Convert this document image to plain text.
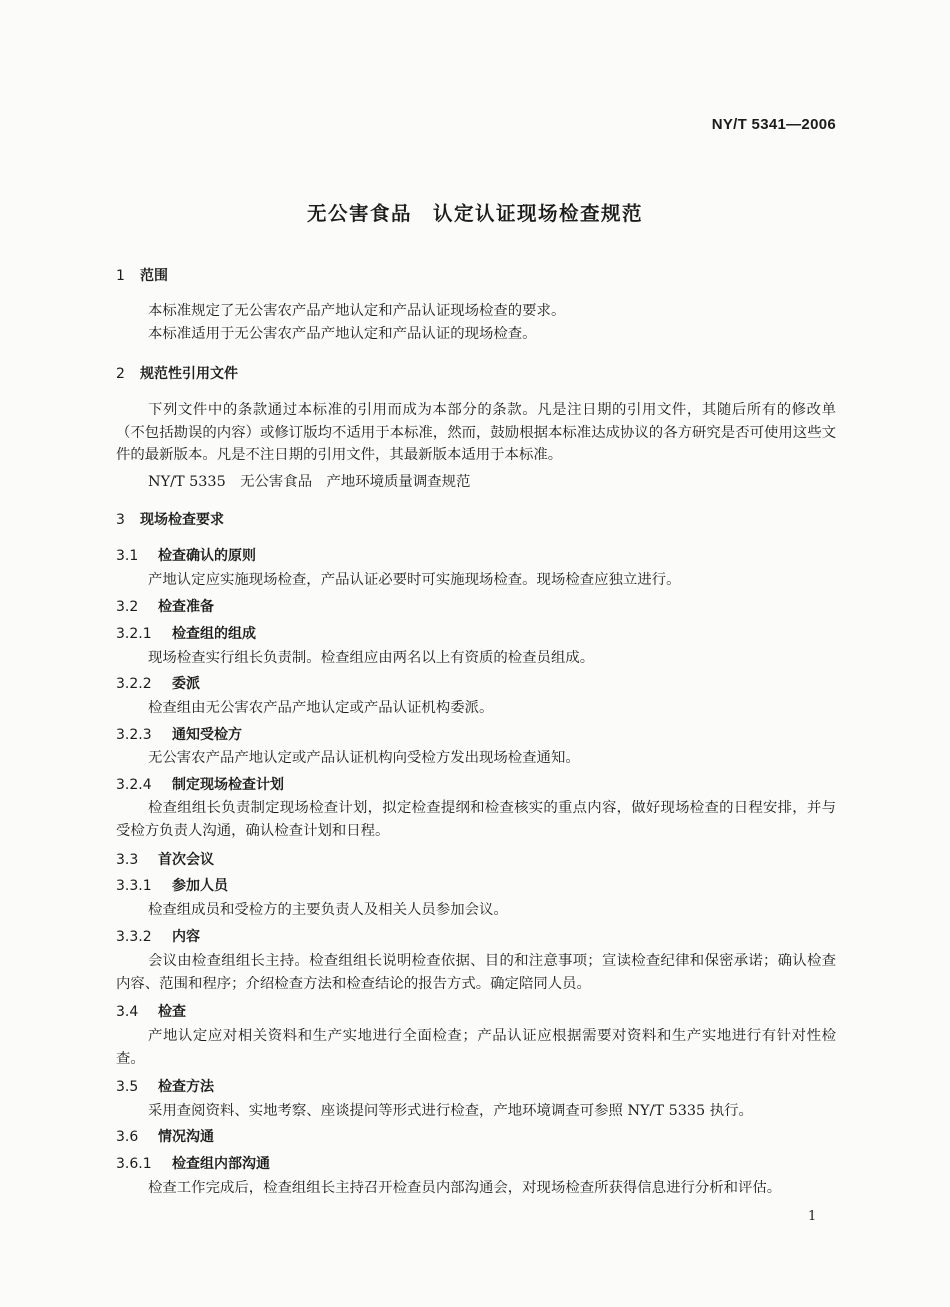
NY/T 5341—2006
无公害食品　认定认证现场检查规范
1 范围

本标准规定了无公害农产品产地认定和产品认证现场检查的要求。

本标准适用于无公害农产品产地认定和产品认证的现场检查。

2 规范性引用文件

下列文件中的条款通过本标准的引用而成为本部分的条款。凡是注日期的引用文件，其随后所有的修改单（不包括勘误的内容）或修订版均不适用于本标准，然而，鼓励根据本标准达成协议的各方研究是否可使用这些文件的最新版本。凡是不注日期的引用文件，其最新版本适用于本标准。

NY/T 5335　无公害食品　产地环境质量调查规范
3 现场检查要求
3.1 检查确认的原则

产地认定应实施现场检查，产品认证必要时可实施现场检查。现场检查应独立进行。

3.2 检查准备
3.2.1 检查组的组成

现场检查实行组长负责制。检查组应由两名以上有资质的检查员组成。

3.2.2 委派

检查组由无公害农产品产地认定或产品认证机构委派。

3.2.3 通知受检方

无公害农产品产地认定或产品认证机构向受检方发出现场检查通知。

3.2.4 制定现场检查计划

检查组组长负责制定现场检查计划，拟定检查提纲和检查核实的重点内容，做好现场检查的日程安排，并与受检方负责人沟通，确认检查计划和日程。

3.3 首次会议
3.3.1 参加人员

检查组成员和受检方的主要负责人及相关人员参加会议。

3.3.2 内容

会议由检查组组长主持。检查组组长说明检查依据、目的和注意事项；宣读检查纪律和保密承诺；确认检查内容、范围和程序；介绍检查方法和检查结论的报告方式。确定陪同人员。

3.4 检查

产地认定应对相关资料和生产实地进行全面检查；产品认证应根据需要对资料和生产实地进行有针对性检查。

3.5 检查方法

采用查阅资料、实地考察、座谈提问等形式进行检查，产地环境调查可参照 NY/T 5335 执行。

3.6 情况沟通
3.6.1 检查组内部沟通

检查工作完成后，检查组组长主持召开检查员内部沟通会，对现场检查所获得信息进行分析和评估。

1
